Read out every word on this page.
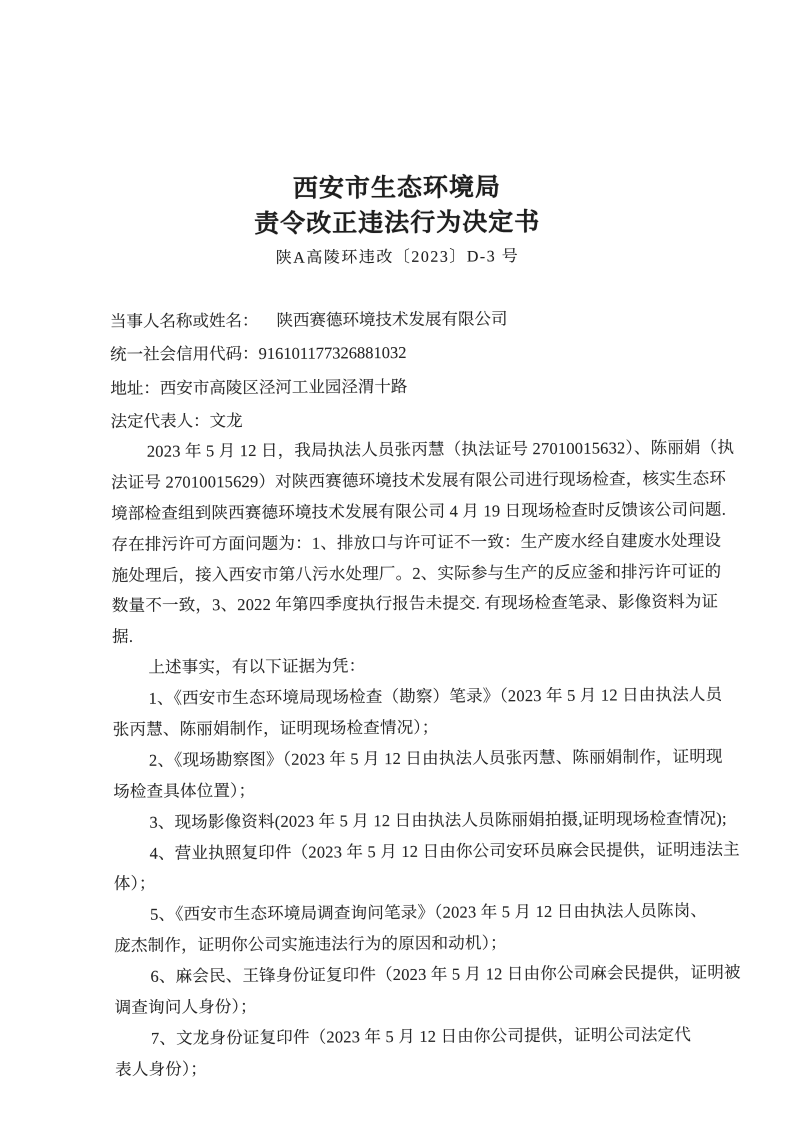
西安市生态环境局
责令改正违法行为决定书
陕A高陵环违改〔2023〕D-3 号
当事人名称或姓名： 陕西赛德环境技术发展有限公司
统一社会信用代码：916101177326881032
地址：西安市高陵区泾河工业园泾渭十路
法定代表人：文龙
2023 年 5 月 12 日，我局执法人员张丙慧（执法证号 27010015632）、陈丽娟（执
法证号 27010015629）对陕西赛德环境技术发展有限公司进行现场检查，核实生态环
境部检查组到陕西赛德环境技术发展有限公司 4 月 19 日现场检查时反馈该公司问题.
存在排污许可方面问题为：1、排放口与许可证不一致：生产废水经自建废水处理设
施处理后，接入西安市第八污水处理厂。2、实际参与生产的反应釜和排污许可证的
数量不一致，3、2022 年第四季度执行报告未提交. 有现场检查笔录、影像资料为证
据.
上述事实，有以下证据为凭：
1、《西安市生态环境局现场检查（勘察）笔录》（2023 年 5 月 12 日由执法人员
张丙慧、陈丽娟制作，证明现场检查情况）；
2、《现场勘察图》（2023 年 5 月 12 日由执法人员张丙慧、陈丽娟制作，证明现
场检查具体位置）；
3、现场影像资料(2023 年 5 月 12 日由执法人员陈丽娟拍摄,证明现场检查情况);
4、营业执照复印件（2023 年 5 月 12 日由你公司安环员麻会民提供，证明违法主
体）；
5、《西安市生态环境局调查询问笔录》（2023 年 5 月 12 日由执法人员陈岗、
庞杰制作，证明你公司实施违法行为的原因和动机）；
6、麻会民、王锋身份证复印件（2023 年 5 月 12 日由你公司麻会民提供，证明被
调查询问人身份）；
7、文龙身份证复印件（2023 年 5 月 12 日由你公司提供，证明公司法定代
表人身份）；
